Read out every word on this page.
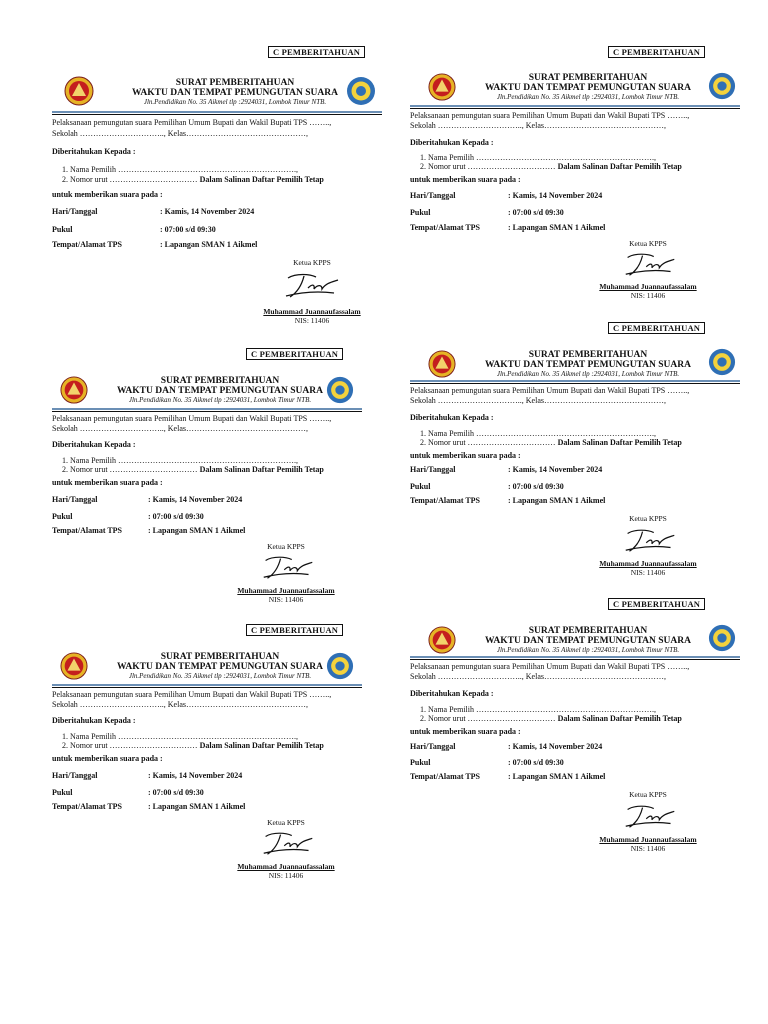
C PEMBERITAHUAN
SURAT PEMBERITAHUAN
WAKTU DAN TEMPAT PEMUNGUTAN SUARA
Jln.Pendidikan No. 35 Aikmel tlp :2924031, Lombok Timur NTB.
Pelaksanaan pemungutan suara Pemilihan Umum Bupati dan Wakil Bupati TPS ……..,
Sekolah ………………………….., Kelas………………………………………,
Diberitahukan Kepada :
1. Nama Pemilih ………………………………………………………….,
2. Nomor urut …………………………… Dalam Salinan Daftar Pemilih Tetap
untuk memberikan suara pada :
Hari/Tanggal	: Kamis, 14 November 2024
Pukul	: 07:00 s/d 09:30
Tempat/Alamat TPS	: Lapangan SMAN 1 Aikmel
Ketua KPPS
Muhammad Juannaufassalam
NIS: 11406
C PEMBERITAHUAN
SURAT PEMBERITAHUAN
WAKTU DAN TEMPAT PEMUNGUTAN SUARA
Jln.Pendidikan No. 35 Aikmel tlp :2924031, Lombok Timur NTB.
Pelaksanaan pemungutan suara Pemilihan Umum Bupati dan Wakil Bupati TPS ……..,
Sekolah ………………………….., Kelas………………………………………,
Diberitahukan Kepada :
1. Nama Pemilih ………………………………………………………….,
2. Nomor urut …………………………… Dalam Salinan Daftar Pemilih Tetap
untuk memberikan suara pada :
Hari/Tanggal	: Kamis, 14 November 2024
Pukul	: 07:00 s/d 09:30
Tempat/Alamat TPS	: Lapangan SMAN 1 Aikmel
Ketua KPPS
Muhammad Juannaufassalam
NIS: 11406
C PEMBERITAHUAN
SURAT PEMBERITAHUAN
WAKTU DAN TEMPAT PEMUNGUTAN SUARA
Jln.Pendidikan No. 35 Aikmel tlp :2924031, Lombok Timur NTB.
Pelaksanaan pemungutan suara Pemilihan Umum Bupati dan Wakil Bupati TPS ……..,
Sekolah ………………………….., Kelas………………………………………,
Diberitahukan Kepada :
1. Nama Pemilih ………………………………………………………….,
2. Nomor urut …………………………… Dalam Salinan Daftar Pemilih Tetap
untuk memberikan suara pada :
Hari/Tanggal	: Kamis, 14 November 2024
Pukul	: 07:00 s/d 09:30
Tempat/Alamat TPS	: Lapangan SMAN 1 Aikmel
Ketua KPPS
Muhammad Juannaufassalam
NIS: 11406
C PEMBERITAHUAN
SURAT PEMBERITAHUAN
WAKTU DAN TEMPAT PEMUNGUTAN SUARA
Jln.Pendidikan No. 35 Aikmel tlp :2924031, Lombok Timur NTB.
Pelaksanaan pemungutan suara Pemilihan Umum Bupati dan Wakil Bupati TPS ……..,
Sekolah ………………………….., Kelas………………………………………,
Diberitahukan Kepada :
1. Nama Pemilih ………………………………………………………….,
2. Nomor urut …………………………… Dalam Salinan Daftar Pemilih Tetap
untuk memberikan suara pada :
Hari/Tanggal	: Kamis, 14 November 2024
Pukul	: 07:00 s/d 09:30
Tempat/Alamat TPS	: Lapangan SMAN 1 Aikmel
Ketua KPPS
Muhammad Juannaufassalam
NIS: 11406
C PEMBERITAHUAN
SURAT PEMBERITAHUAN
WAKTU DAN TEMPAT PEMUNGUTAN SUARA
Jln.Pendidikan No. 35 Aikmel tlp :2924031, Lombok Timur NTB.
Pelaksanaan pemungutan suara Pemilihan Umum Bupati dan Wakil Bupati TPS ……..,
Sekolah ………………………….., Kelas………………………………………,
Diberitahukan Kepada :
1. Nama Pemilih ………………………………………………………….,
2. Nomor urut …………………………… Dalam Salinan Daftar Pemilih Tetap
untuk memberikan suara pada :
Hari/Tanggal	: Kamis, 14 November 2024
Pukul	: 07:00 s/d 09:30
Tempat/Alamat TPS	: Lapangan SMAN 1 Aikmel
Ketua KPPS
Muhammad Juannaufassalam
NIS: 11406
C PEMBERITAHUAN
SURAT PEMBERITAHUAN
WAKTU DAN TEMPAT PEMUNGUTAN SUARA
Jln.Pendidikan No. 35 Aikmel tlp :2924031, Lombok Timur NTB.
Pelaksanaan pemungutan suara Pemilihan Umum Bupati dan Wakil Bupati TPS ……..,
Sekolah ………………………….., Kelas………………………………………,
Diberitahukan Kepada :
1. Nama Pemilih ………………………………………………………….,
2. Nomor urut …………………………… Dalam Salinan Daftar Pemilih Tetap
untuk memberikan suara pada :
Hari/Tanggal	: Kamis, 14 November 2024
Pukul	: 07:00 s/d 09:30
Tempat/Alamat TPS	: Lapangan SMAN 1 Aikmel
Ketua KPPS
Muhammad Juannaufassalam
NIS: 11406
